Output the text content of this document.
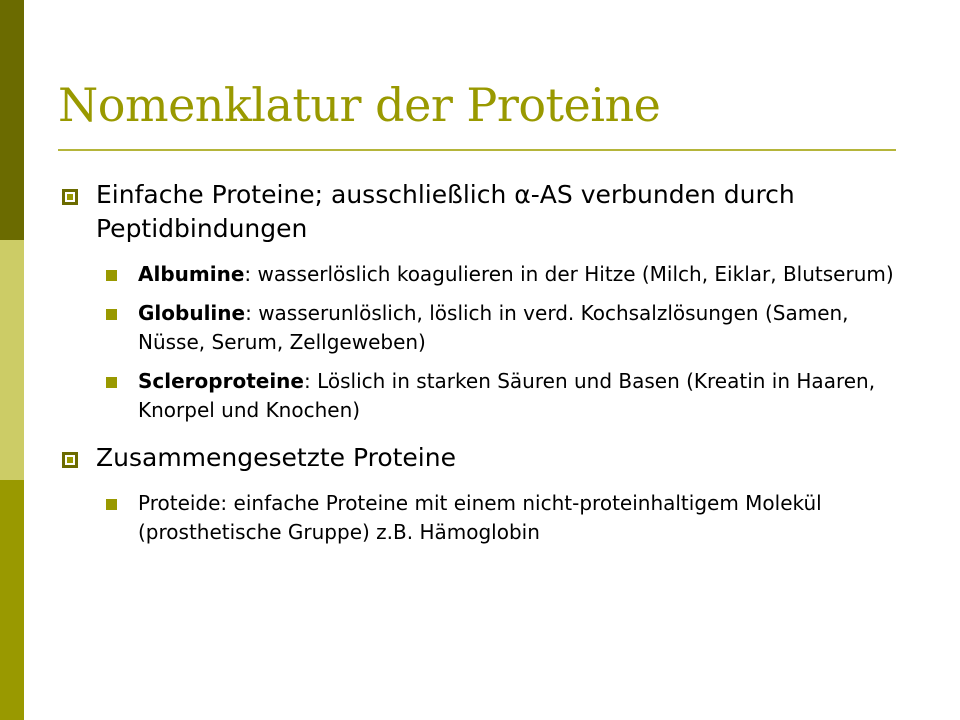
Nomenklatur der Proteine
Einfache Proteine; ausschließlich α-AS verbunden durch Peptidbindungen
Albumine: wasserlöslich koagulieren in der Hitze (Milch, Eiklar, Blutserum)
Globuline: wasserunlöslich, löslich in verd. Kochsalzlösungen (Samen, Nüsse, Serum, Zellgeweben)
Scleroproteine: Löslich in starken Säuren und Basen (Kreatin in Haaren, Knorpel und Knochen)
Zusammengesetzte Proteine
Proteide: einfache Proteine mit einem nicht-proteinhaltigem Molekül (prosthetische Gruppe) z.B. Hämoglobin
